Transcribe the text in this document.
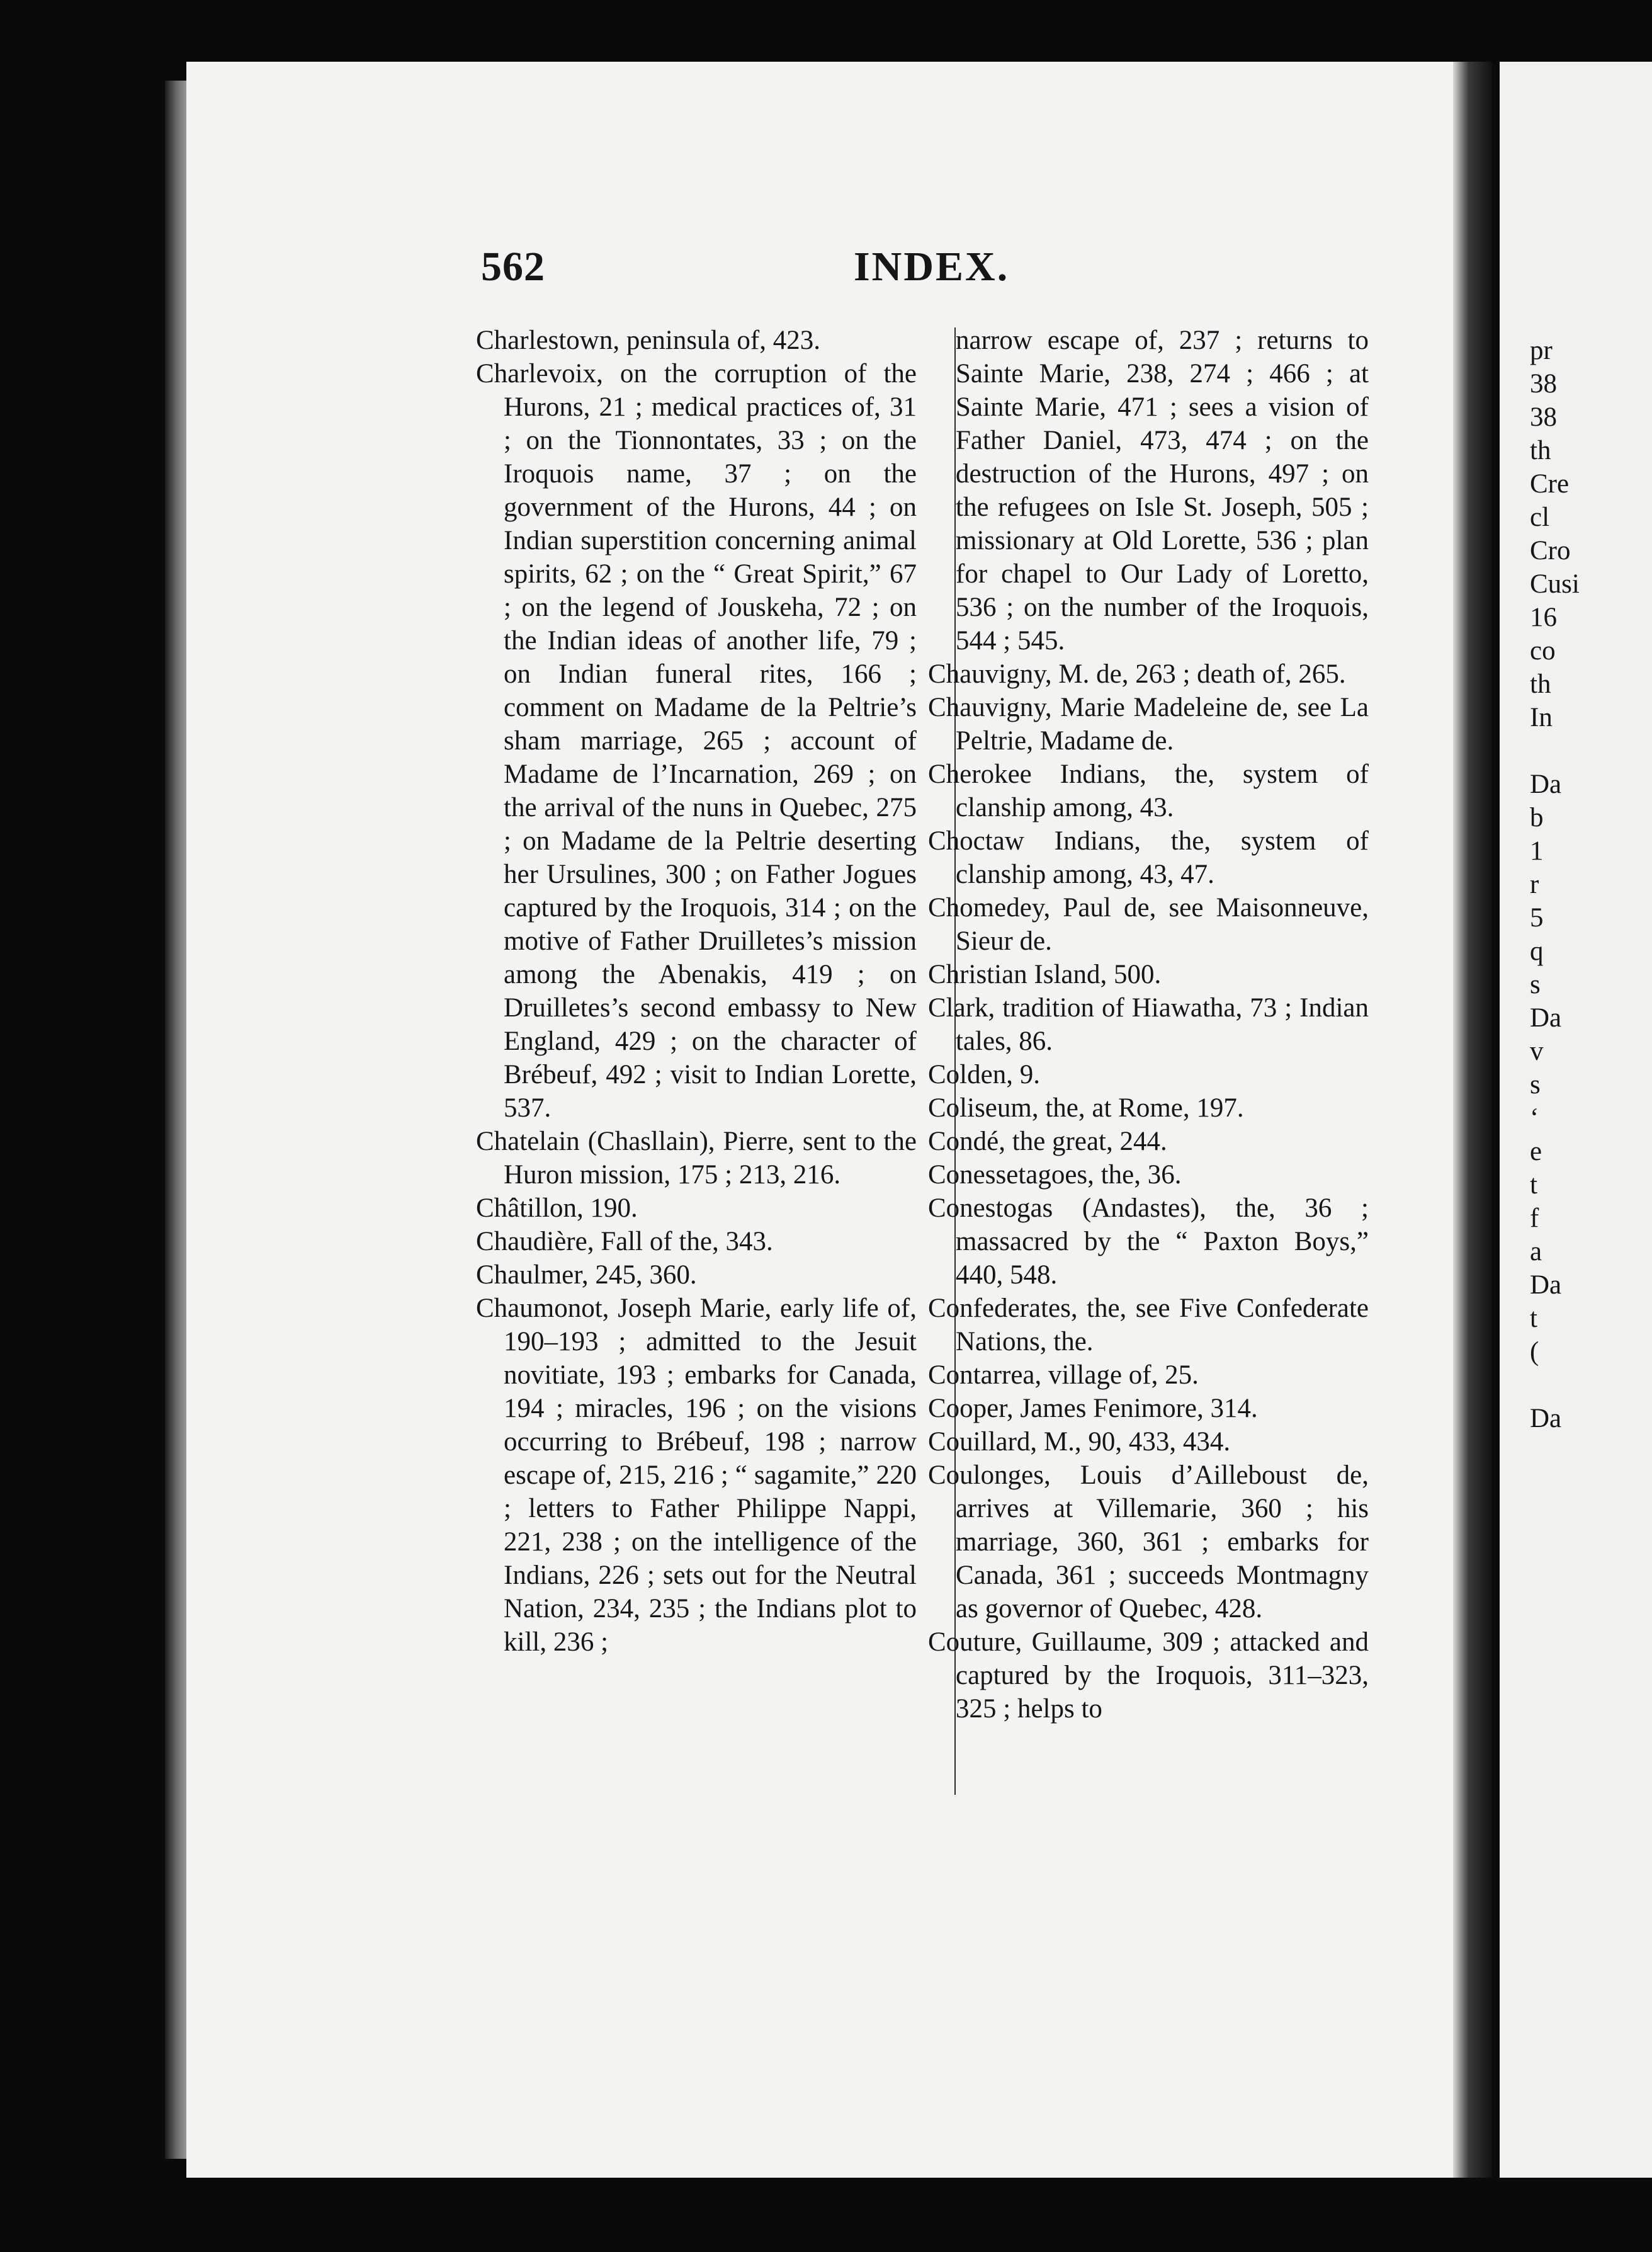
562	INDEX.
Charlestown, peninsula of, 423.
Charlevoix, on the corruption of the Hurons, 21 ; medical practices of, 31 ; on the Tionnontates, 33 ; on the Iroquois name, 37 ; on the government of the Hurons, 44 ; on Indian superstition concerning animal spirits, 62 ; on the “ Great Spirit,” 67 ; on the legend of Jouskeha, 72 ; on the Indian ideas of another life, 79 ; on Indian funeral rites, 166 ; comment on Madame de la Peltrie’s sham marriage, 265 ; account of Madame de l’Incarnation, 269 ; on the arrival of the nuns in Quebec, 275 ; on Madame de la Peltrie deserting her Ursulines, 300 ; on Father Jogues captured by the Iroquois, 314 ; on the motive of Father Druilletes’s mission among the Abenakis, 419 ; on Druilletes’s second embassy to New England, 429 ; on the character of Brébeuf, 492 ; visit to Indian Lorette, 537.
Chatelain (Chasllain), Pierre, sent to the Huron mission, 175 ; 213, 216.
Châtillon, 190.
Chaudière, Fall of the, 343.
Chaulmer, 245, 360.
Chaumonot, Joseph Marie, early life of, 190–193 ; admitted to the Jesuit novitiate, 193 ; embarks for Canada, 194 ; miracles, 196 ; on the visions occurring to Brébeuf, 198 ; narrow escape of, 215, 216 ; “ sagamite,” 220 ; letters to Father Philippe Nappi, 221, 238 ; on the intelligence of the Indians, 226 ; sets out for the Neutral Nation, 234, 235 ; the Indians plot to kill, 236 ;
narrow escape of, 237 ; returns to Sainte Marie, 238, 274 ; 466 ; at Sainte Marie, 471 ; sees a vision of Father Daniel, 473, 474 ; on the destruction of the Hurons, 497 ; on the refugees on Isle St. Joseph, 505 ; missionary at Old Lorette, 536 ; plan for chapel to Our Lady of Loretto, 536 ; on the number of the Iroquois, 544 ; 545.
Chauvigny, M. de, 263 ; death of, 265.
Chauvigny, Marie Madeleine de, see La Peltrie, Madame de.
Cherokee Indians, the, system of clanship among, 43.
Choctaw Indians, the, system of clanship among, 43, 47.
Chomedey, Paul de, see Maisonneuve, Sieur de.
Christian Island, 500.
Clark, tradition of Hiawatha, 73 ; Indian tales, 86.
Colden, 9.
Coliseum, the, at Rome, 197.
Condé, the great, 244.
Conessetagoes, the, 36.
Conestogas (Andastes), the, 36 ; massacred by the “ Paxton Boys,” 440, 548.
Confederates, the, see Five Confederate Nations, the.
Contarrea, village of, 25.
Cooper, James Fenimore, 314.
Couillard, M., 90, 433, 434.
Coulonges, Louis d’Ailleboust de, arrives at Villemarie, 360 ; his marriage, 360, 361 ; embarks for Canada, 361 ; succeeds Montmagny as governor of Quebec, 428.
Couture, Guillaume, 309 ; attacked and captured by the Iroquois, 311–323, 325 ; helps to
pr
38
38
th
Cre
cl
Cro
Cusi
16
co
th
In
Da
b
1
r
5
q
s
Da
v
s
‘
e
t
f
a
Da
t
(
Da
